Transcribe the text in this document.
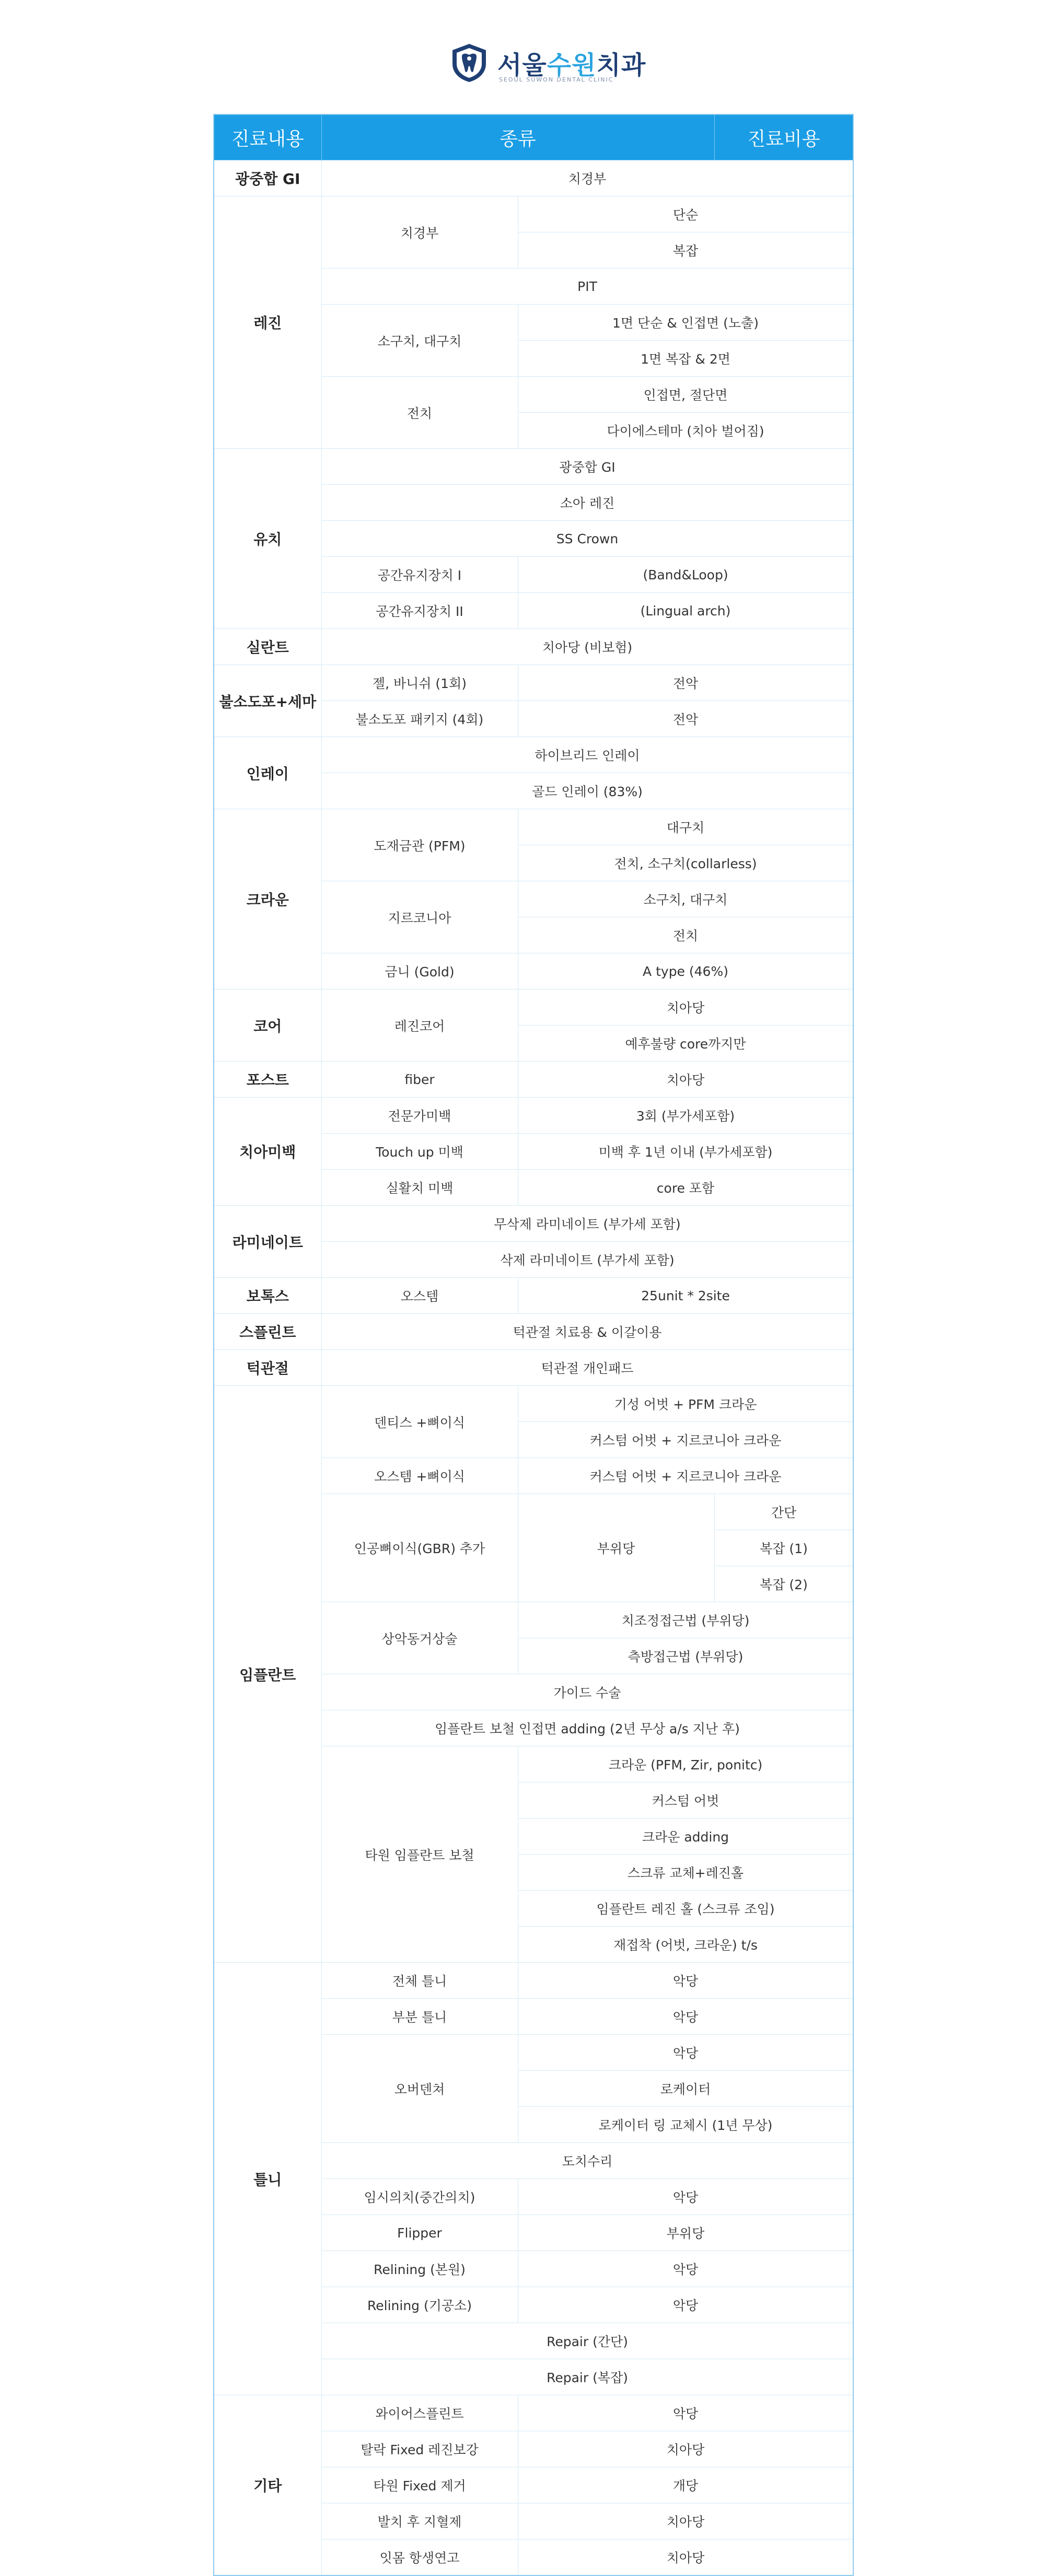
서울수원치과
SEOUL SUWON DENTAL CLINIC
진료내용	종류		진료비용	
광중합 GI	치경부	
레진	치경부	단순	
		복잡	
	PIT	
	소구치, 대구치	1면 단순 & 인접면 (노출)	
		1면 복잡 & 2면	
	전치	인접면, 절단면	
		다이에스테마 (치아 벌어짐)	
유치	광중합 GI	
	소아 레진	
	SS Crown	
	공간유지장치 I	(Band&Loop)	
	공간유지장치 II	(Lingual arch)	
실란트	치아당 (비보험)	
불소도포+세마	젤, 바니쉬 (1회)	전악	
	불소도포 패키지 (4회)	전악	
인레이	하이브리드 인레이	
	골드 인레이 (83%)	
크라운	도재금관 (PFM)	대구치	
		전치, 소구치(collarless)	
	지르코니아	소구치, 대구치	
		전치	
	금니 (Gold)	A type (46%)	
코어	레진코어	치아당	
		예후불량 core까지만	
포스트	fiber	치아당	
치아미백	전문가미백	3회 (부가세포함)	
	Touch up 미백	미백 후 1년 이내 (부가세포함)	
	실활치 미백	core 포함	
라미네이트	무삭제 라미네이트 (부가세 포함)	
	삭제 라미네이트 (부가세 포함)	
보톡스	오스템	25unit * 2site	
스플린트	턱관절 치료용 & 이갈이용	
턱관절	턱관절 개인패드	
임플란트	덴티스 +뼈이식	기성 어벗 + PFM 크라운	
		커스텀 어벗 + 지르코니아 크라운	
	오스템 +뼈이식	커스텀 어벗 + 지르코니아 크라운	
	인공뼈이식(GBR) 추가	부위당	간단	
			복잡 (1)	
			복잡 (2)	
	상악동거상술	치조정접근법 (부위당)	
		측방접근법 (부위당)	
	가이드 수술	
	임플란트 보철 인접면 adding (2년 무상 a/s 지난 후)	
	타원 임플란트 보철	크라운 (PFM, Zir, ponitc)	
		커스텀 어벗	
		크라운 adding	
		스크류 교체+레진홀	
		임플란트 레진 홀 (스크류 조임)	
		재접착 (어벗, 크라운) t/s	
틀니	전체 틀니	악당	
	부분 틀니	악당	
	오버덴쳐	악당	
		로케이터	
		로케이터 링 교체시 (1년 무상)	
	도치수리	
	임시의치(중간의치)	악당	
	Flipper	부위당	
	Relining (본원)	악당	
	Relining (기공소)	악당	
	Repair (간단)	
	Repair (복잡)	
기타	와이어스플린트	악당	
	탈락 Fixed 레진보강	치아당	
	타원 Fixed 제거	개당	
	발치 후 지혈제	치아당	
	잇몸 항생연고	치아당	
